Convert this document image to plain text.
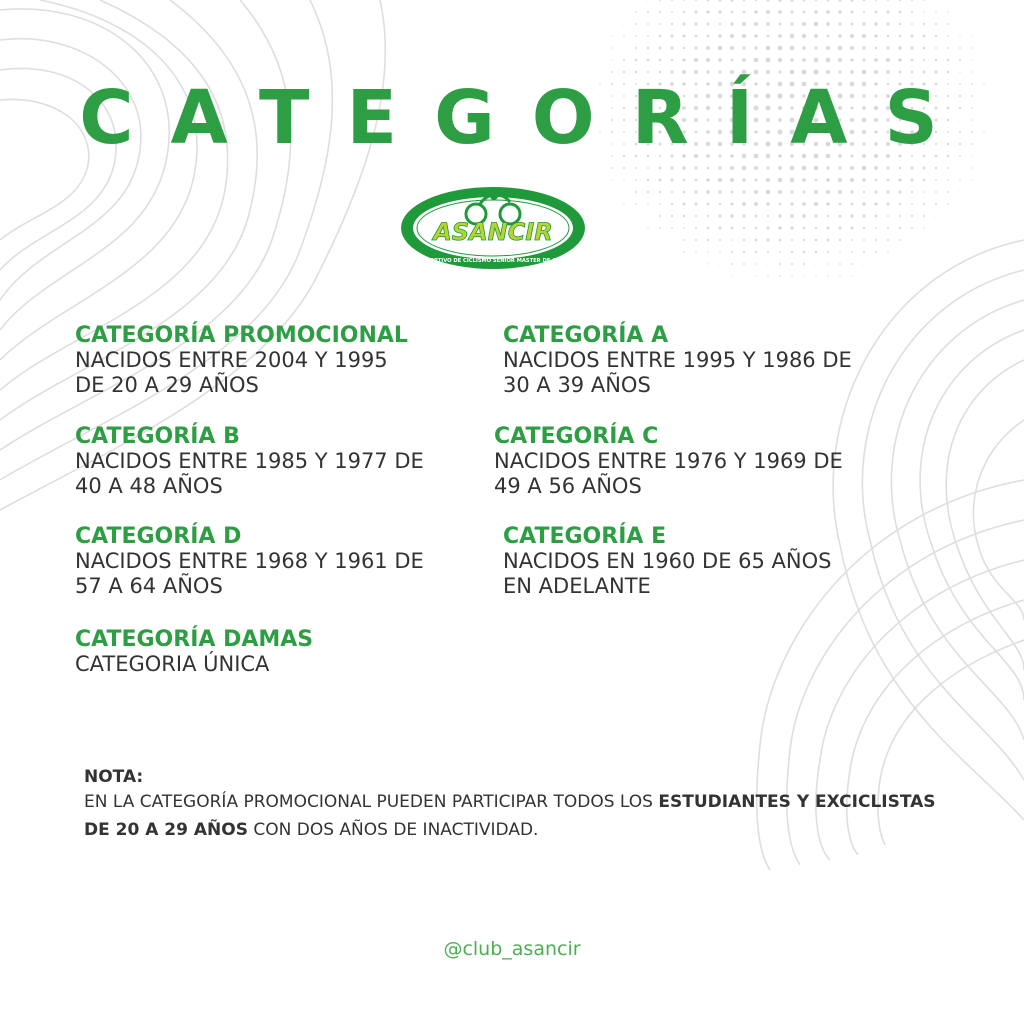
CATEGORÍAS
ASANCIR
CLUB DEPORTIVO DE CICLISMO SENIOR MASTER DE ANTIOQUIA
CATEGORÍA PROMOCIONAL
NACIDOS ENTRE 2004 Y 1995
DE 20 A 29 AÑOS
CATEGORÍA A
NACIDOS ENTRE 1995 Y 1986 DE
30 A 39 AÑOS
CATEGORÍA B
NACIDOS ENTRE 1985 Y 1977 DE
40 A 48 AÑOS
CATEGORÍA C
NACIDOS ENTRE 1976 Y 1969 DE
49 A 56 AÑOS
CATEGORÍA D
NACIDOS ENTRE 1968 Y 1961 DE
57 A 64 AÑOS
CATEGORÍA E
NACIDOS EN 1960 DE 65 AÑOS
EN ADELANTE
CATEGORÍA DAMAS
CATEGORIA ÚNICA
NOTA:
EN LA CATEGORÍA PROMOCIONAL PUEDEN PARTICIPAR TODOS LOS ESTUDIANTES Y EXCICLISTAS DE 20 A 29 AÑOS CON DOS AÑOS DE INACTIVIDAD.
@club_asancir
